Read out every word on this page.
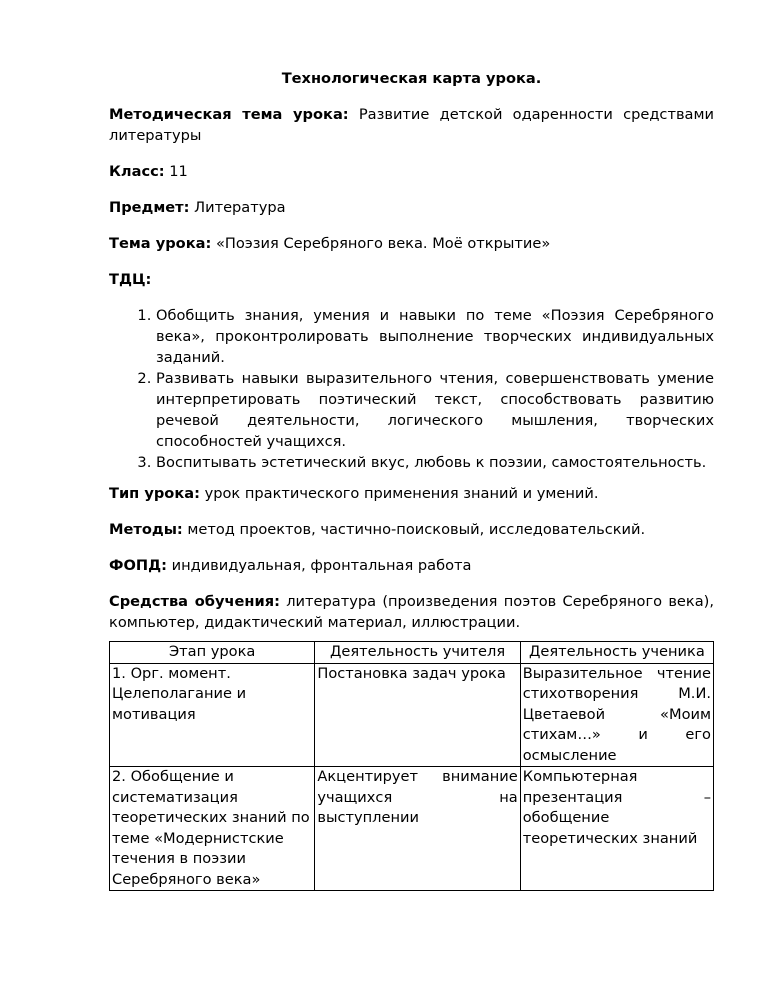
Технологическая карта урока.

Методическая тема урока: Развитие детской одаренности средствами литературы

Класс: 11

Предмет: Литература

Тема урока: «Поэзия Серебряного века. Моё открытие»

ТДЦ:

1. Обобщить знания, умения и навыки по теме «Поэзия Серебряного века», проконтролировать выполнение творческих индивидуальных заданий.
2. Развивать навыки выразительного чтения, совершенствовать умение интерпретировать поэтический текст, способствовать развитию речевой деятельности, логического мышления, творческих способностей учащихся.
3. Воспитывать эстетический вкус, любовь к поэзии, самостоятельность.

Тип урока: урок практического применения знаний и умений.

Методы: метод проектов, частично-поисковый, исследовательский.

ФОПД: индивидуальная, фронтальная работа

Средства обучения: литература (произведения поэтов Серебряного века), компьютер, дидактический материал, иллюстрации.

Этап урока	Деятельность учителя	Деятельность ученика
1. Орг. момент. Целеполагание и мотивация	Постановка задач урока	Выразительное чтение стихотворения М.И. Цветаевой «Моим стихам…» и его осмысление
2. Обобщение и систематизация теоретических знаний по теме «Модернистские течения в поэзии Серебряного века»	Акцентирует внимание учащихся на выступлении	Компьютерная презентация – обобщение теоретических знаний
